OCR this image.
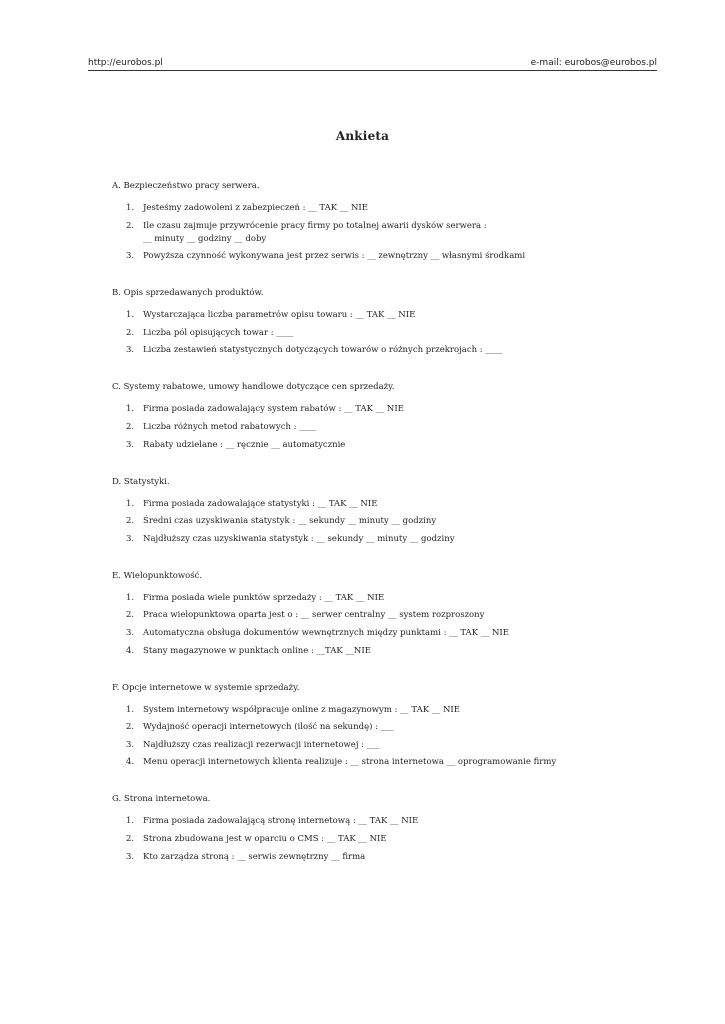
http://eurobos.pl	e-mail: eurobos@eurobos.pl
Ankieta
A. Bezpieczeństwo pracy serwera.
1. Jesteśmy zadowoleni z zabezpieczeń : __ TAK __ NIE
2. Ile czasu zajmuje przywrócenie pracy firmy po totalnej awarii dysków serwera :
__ minuty __ godziny __ doby
3. Powyższa czynność wykonywana jest przez serwis : __ zewnętrzny __ własnymi środkami
B. Opis sprzedawanych produktów.
1. Wystarczająca liczba parametrów opisu towaru : __ TAK __ NIE
2. Liczba pól opisujących towar : ____
3. Liczba zestawień statystycznych dotyczących towarów o różnych przekrojach : ____
C. Systemy rabatowe, umowy handlowe dotyczące cen sprzedaży.
1. Firma posiada zadowalający system rabatów : __ TAK __ NIE
2. Liczba różnych metod rabatowych : ____
3. Rabaty udzielane : __ ręcznie __ automatycznie
D. Statystyki.
1. Firma posiada zadowalające statystyki : __ TAK __ NIE
2. Średni czas uzyskiwania statystyk : __ sekundy __ minuty __ godziny
3. Najdłuższy czas uzyskiwania statystyk : __ sekundy __ minuty __ godziny
E. Wielopunktowość.
1. Firma posiada wiele punktów sprzedaży : __ TAK __ NIE
2. Praca wielopunktowa oparta jest o : __ serwer centralny __ system rozproszony
3. Automatyczna obsługa dokumentów wewnętrznych między punktami : __ TAK __ NIE
4. Stany magazynowe w punktach online : __TAK __NIE
F. Opcje internetowe w systemie sprzedaży.
1. System internetowy współpracuje online z magazynowym : __ TAK __ NIE
2. Wydajność operacji internetowych (ilość na sekundę) : ___
3. Najdłuższy czas realizacji rezerwacji internetowej : ___
4. Menu operacji internetowych klienta realizuje : __ strona internetowa __ oprogramowanie firmy
G. Strona internetowa.
1. Firma posiada zadowalającą stronę internetową : __ TAK __ NIE
2. Strona zbudowana jest w oparciu o CMS : __ TAK __ NIE
3. Kto zarządza stroną : __ serwis zewnętrzny __ firma
